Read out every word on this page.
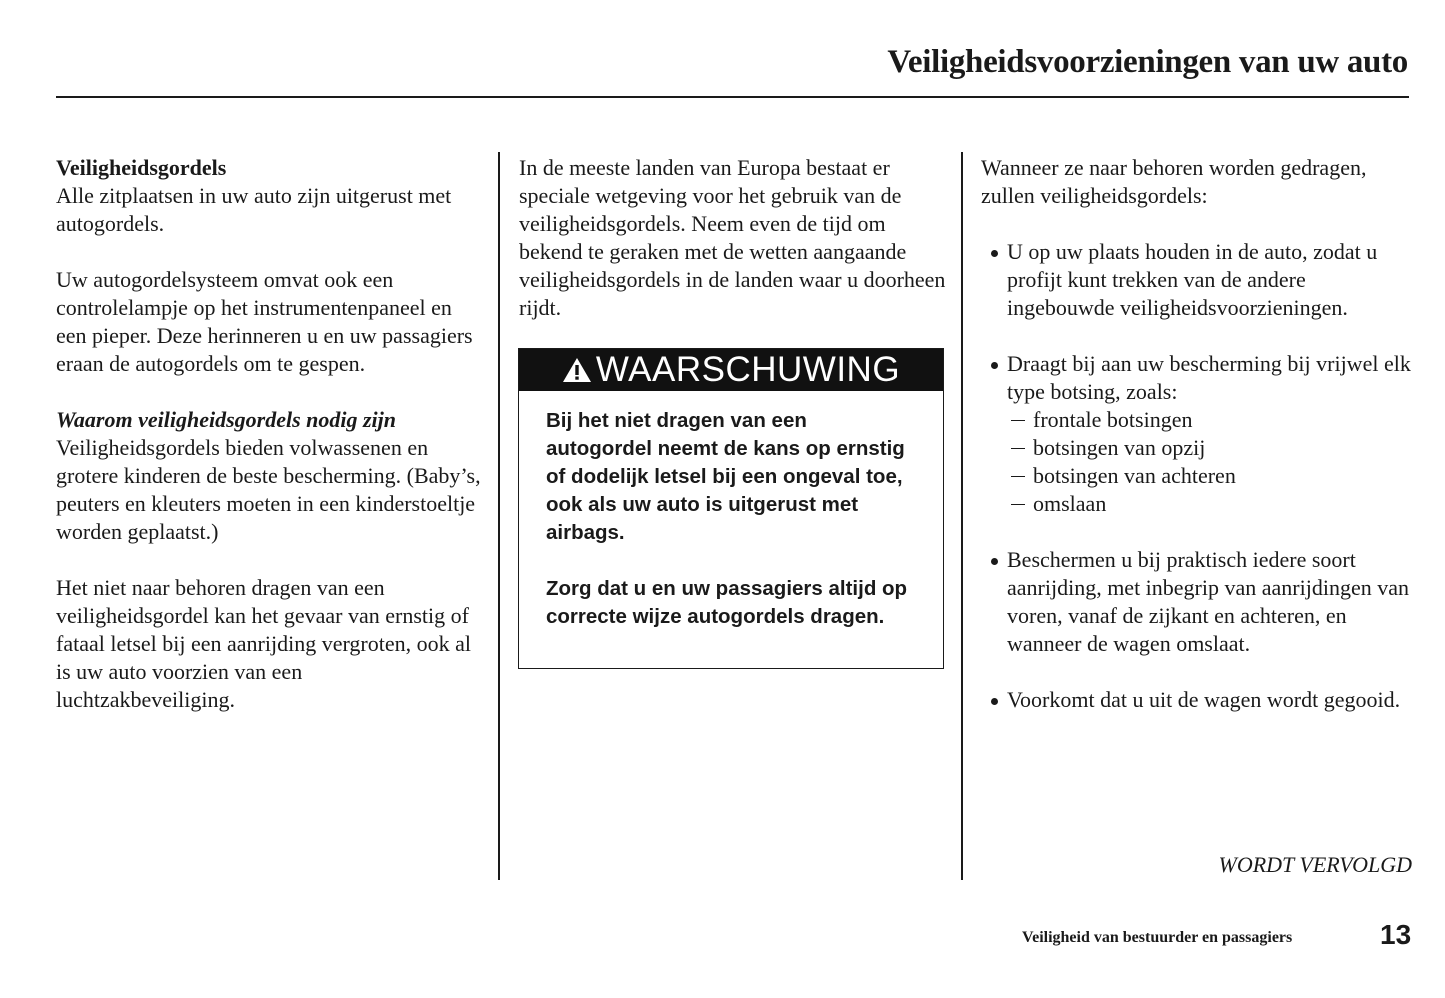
Veiligheidsvoorzieningen van uw auto

Veiligheidsgordels
Alle zitplaatsen in uw auto zijn uitgerust met autogordels.

Uw autogordelsysteem omvat ook een controlelampje op het instrumentenpaneel en een pieper. Deze herinneren u en uw passagiers eraan de autogordels om te gespen.

Waarom veiligheidsgordels nodig zijn
Veiligheidsgordels bieden volwassenen en grotere kinderen de beste bescherming. (Baby’s, peuters en kleuters moeten in een kinderstoeltje worden geplaatst.)

Het niet naar behoren dragen van een veiligheidsgordel kan het gevaar van ernstig of fataal letsel bij een aanrijding vergroten, ook al is uw auto voorzien van een luchtzakbeveiliging.

In de meeste landen van Europa bestaat er speciale wetgeving voor het gebruik van de veiligheidsgordels. Neem even de tijd om bekend te geraken met de wetten aangaande veiligheidsgordels in de landen waar u doorheen rijdt.

WAARSCHUWING

Bij het niet dragen van een autogordel neemt de kans op ernstig of dodelijk letsel bij een ongeval toe, ook als uw auto is uitgerust met airbags.

Zorg dat u en uw passagiers altijd op correcte wijze autogordels dragen.

Wanneer ze naar behoren worden gedragen, zullen veiligheidsgordels:
U op uw plaats houden in de auto, zodat u profijt kunt trekken van de andere ingebouwde veiligheidsvoorzieningen.
Draagt bij aan uw bescherming bij vrijwel elk type botsing, zoals:
frontale botsingen
botsingen van opzij
botsingen van achteren
omslaan
Beschermen u bij praktisch iedere soort aanrijding, met inbegrip van aanrijdingen van voren, vanaf de zijkant en achteren, en wanneer de wagen omslaat.
Voorkomt dat u uit de wagen wordt gegooid.
WORDT VERVOLGD
Veiligheid van bestuurder en passagiers	13
